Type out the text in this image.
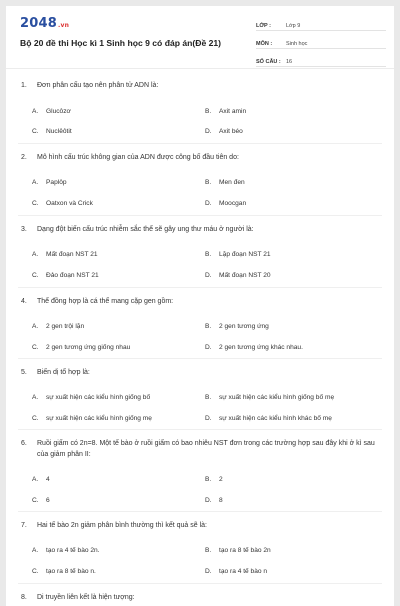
2048.vn
Bộ 20 đề thi Học kì 1 Sinh học 9 có đáp án(Đề 21)
LỚP :	Lớp 9
MÔN :	Sinh học
SỐ CÂU : 16
1. Đơn phân cấu tạo nên phân tử ADN là:
A. Glucôzơ	B. Axit amin
C. Nuclêôtit	D. Axit béo
2. Mô hình cấu trúc không gian của ADN được công bố đầu tiên do:
A. Paplôp	B. Men đen
C. Oatxon và Crick	D. Moocgan
3. Dạng đột biến cấu trúc nhiễm sắc thể sẽ gây ung thư máu ở người là:
A. Mất đoạn NST 21	B. Lặp đoạn NST 21
C. Đảo đoạn NST 21	D. Mất đoạn NST 20
4. Thể đồng hợp là cá thể mang cặp gen gồm:
A. 2 gen trội lặn	B. 2 gen tương ứng
C. 2 gen tương ứng giống nhau	D. 2 gen tương ứng khác nhau.
5. Biến dị tổ hợp là:
A. sự xuất hiện các kiểu hình giống bố	B. sự xuất hiện các kiểu hình giống bố mẹ
C. sự xuất hiện các kiểu hình giống mẹ	D. sự xuất hiện các kiểu hình khác bố mẹ
6. Ruồi giấm có 2n=8. Một tế bào ở ruồi giấm có bao nhiêu NST đơn trong các trường hợp sau đây khi ở kì sau của giảm phân II:
A. 4	B. 2
C. 6	D. 8
7. Hai tế bào 2n giảm phân bình thường thì kết quả sẽ là:
A. tạo ra 4 tế bào 2n.	B. tạo ra 8 tế bào 2n
C. tạo ra 8 tế bào n.	D. tạo ra 4 tế bào n
8. Di truyền liên kết là hiện tượng:
